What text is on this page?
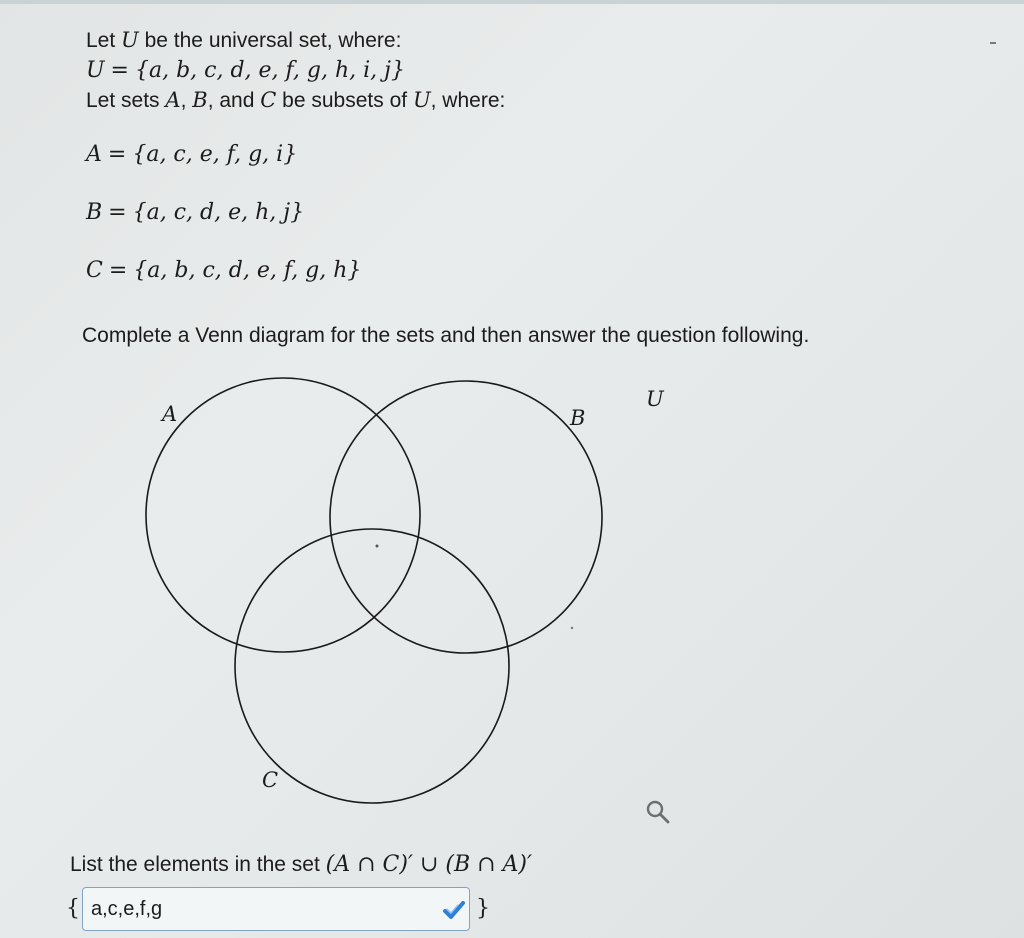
Let U be the universal set, where:
U = {a, b, c, d, e, f, g, h, i, j}
Let sets A, B, and C be subsets of U, where:
A = {a, c, e, f, g, i}
B = {a, c, d, e, h, j}
C = {a, b, c, d, e, f, g, h}
Complete a Venn diagram for the sets and then answer the question following.
A	B
C
U
List the elements in the set (A ∩ C)′ ∪ (B ∩ A)′
{
a,c,e,f,g	}
